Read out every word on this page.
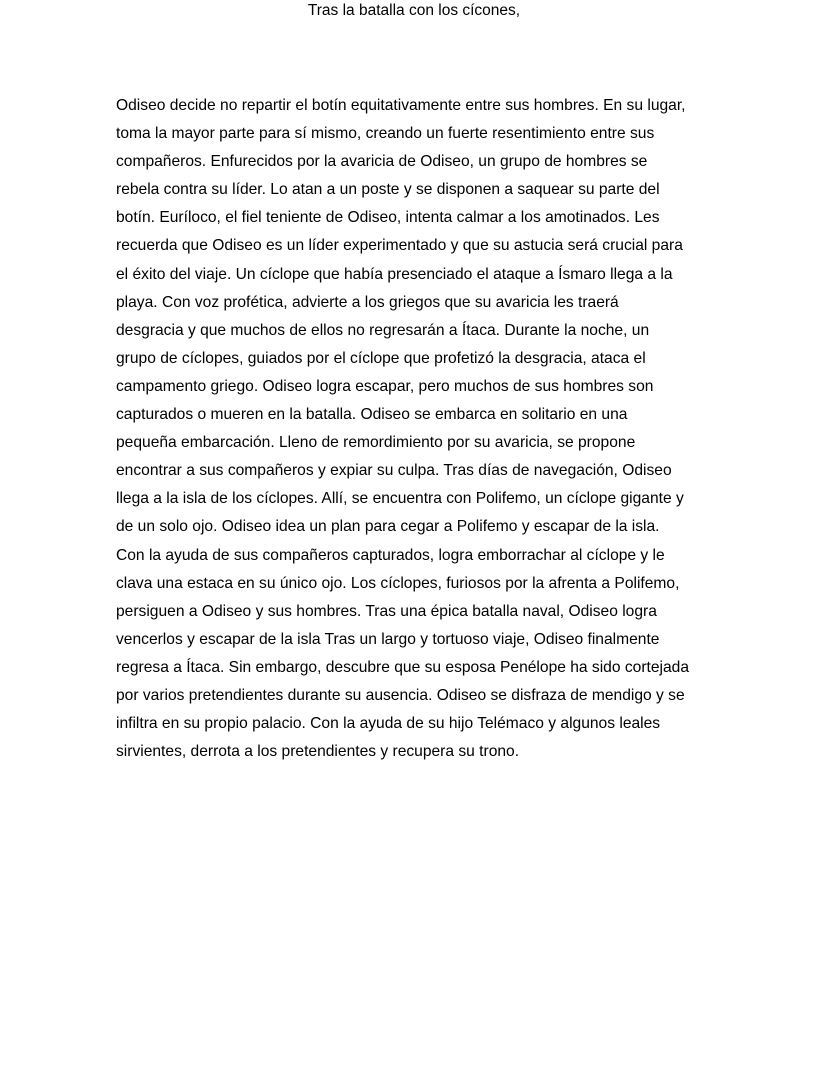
Tras la batalla con los cícones,

Odiseo decide no repartir el botín equitativamente entre sus hombres. En su lugar,
toma la mayor parte para sí mismo, creando un fuerte resentimiento entre sus
compañeros. Enfurecidos por la avaricia de Odiseo, un grupo de hombres se
rebela contra su líder. Lo atan a un poste y se disponen a saquear su parte del
botín. Euríloco, el fiel teniente de Odiseo, intenta calmar a los amotinados. Les
recuerda que Odiseo es un líder experimentado y que su astucia será crucial para
el éxito del viaje. Un cíclope que había presenciado el ataque a Ísmaro llega a la
playa. Con voz profética, advierte a los griegos que su avaricia les traerá
desgracia y que muchos de ellos no regresarán a Ítaca. Durante la noche, un
grupo de cíclopes, guiados por el cíclope que profetizó la desgracia, ataca el
campamento griego. Odiseo logra escapar, pero muchos de sus hombres son
capturados o mueren en la batalla. Odiseo se embarca en solitario en una
pequeña embarcación. Lleno de remordimiento por su avaricia, se propone
encontrar a sus compañeros y expiar su culpa. Tras días de navegación, Odiseo
llega a la isla de los cíclopes. Allí, se encuentra con Polifemo, un cíclope gigante y
de un solo ojo. Odiseo idea un plan para cegar a Polifemo y escapar de la isla.
Con la ayuda de sus compañeros capturados, logra emborrachar al cíclope y le
clava una estaca en su único ojo. Los cíclopes, furiosos por la afrenta a Polifemo,
persiguen a Odiseo y sus hombres. Tras una épica batalla naval, Odiseo logra
vencerlos y escapar de la isla Tras un largo y tortuoso viaje, Odiseo finalmente
regresa a Ítaca. Sin embargo, descubre que su esposa Penélope ha sido cortejada
por varios pretendientes durante su ausencia. Odiseo se disfraza de mendigo y se
infiltra en su propio palacio. Con la ayuda de su hijo Telémaco y algunos leales
sirvientes, derrota a los pretendientes y recupera su trono.
